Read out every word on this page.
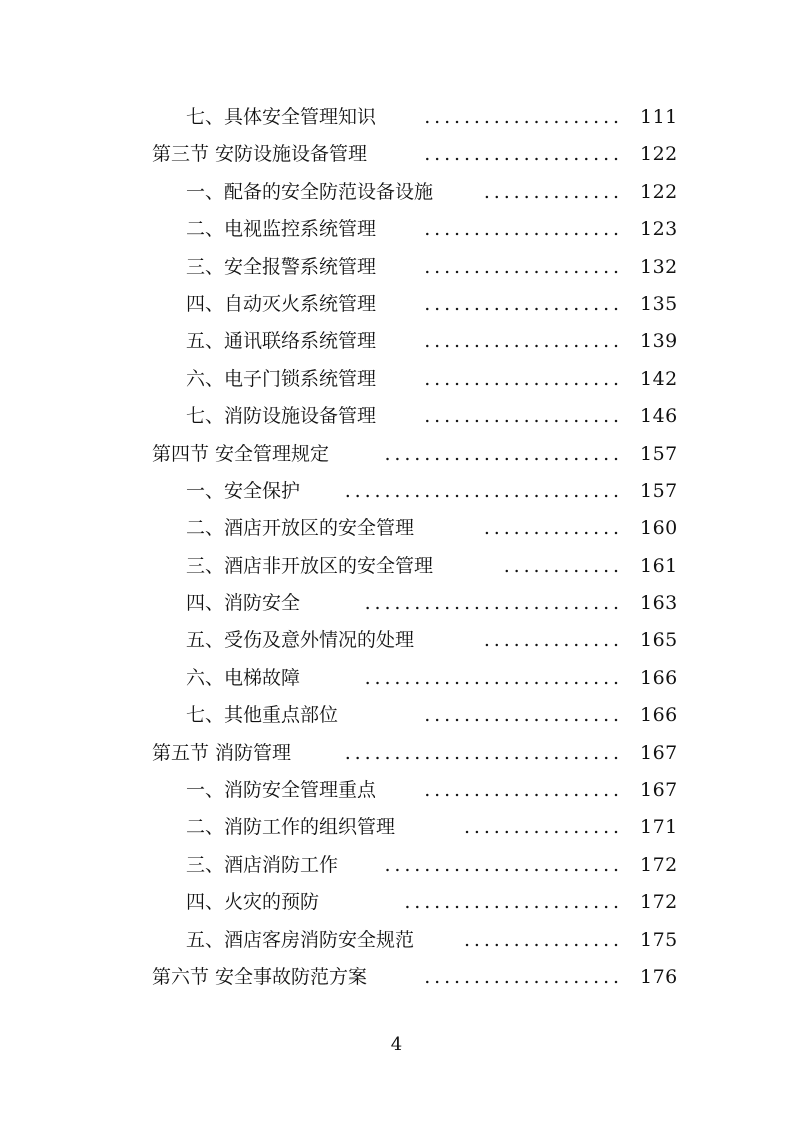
七、具体安全管理知识	.................... 111
第三节 安防设施设备管理	.................... 122
一、配备的安全防范设备设施	.............. 122
二、电视监控系统管理	.................... 123
三、安全报警系统管理	.................... 132
四、自动灭火系统管理	.................... 135
五、通讯联络系统管理	.................... 139
六、电子门锁系统管理	.................... 142
七、消防设施设备管理	.................... 146
第四节 安全管理规定	........................ 157
一、安全保护 ............................ 157
二、酒店开放区的安全管理	.............. 160
三、酒店非开放区的安全管理	............ 161
四、消防安全	.......................... 163
五、受伤及意外情况的处理	.............. 165
六、电梯故障	.......................... 166
七、其他重点部位	.................... 166
第五节 消防管理	............................ 167
一、消防安全管理重点	.................... 167
二、消防工作的组织管理	................ 171
三、酒店消防工作 ........................ 172
四、火灾的预防	...................... 172
五、酒店客房消防安全规范	................ 175
第六节 安全事故防范方案	.................... 176
4
